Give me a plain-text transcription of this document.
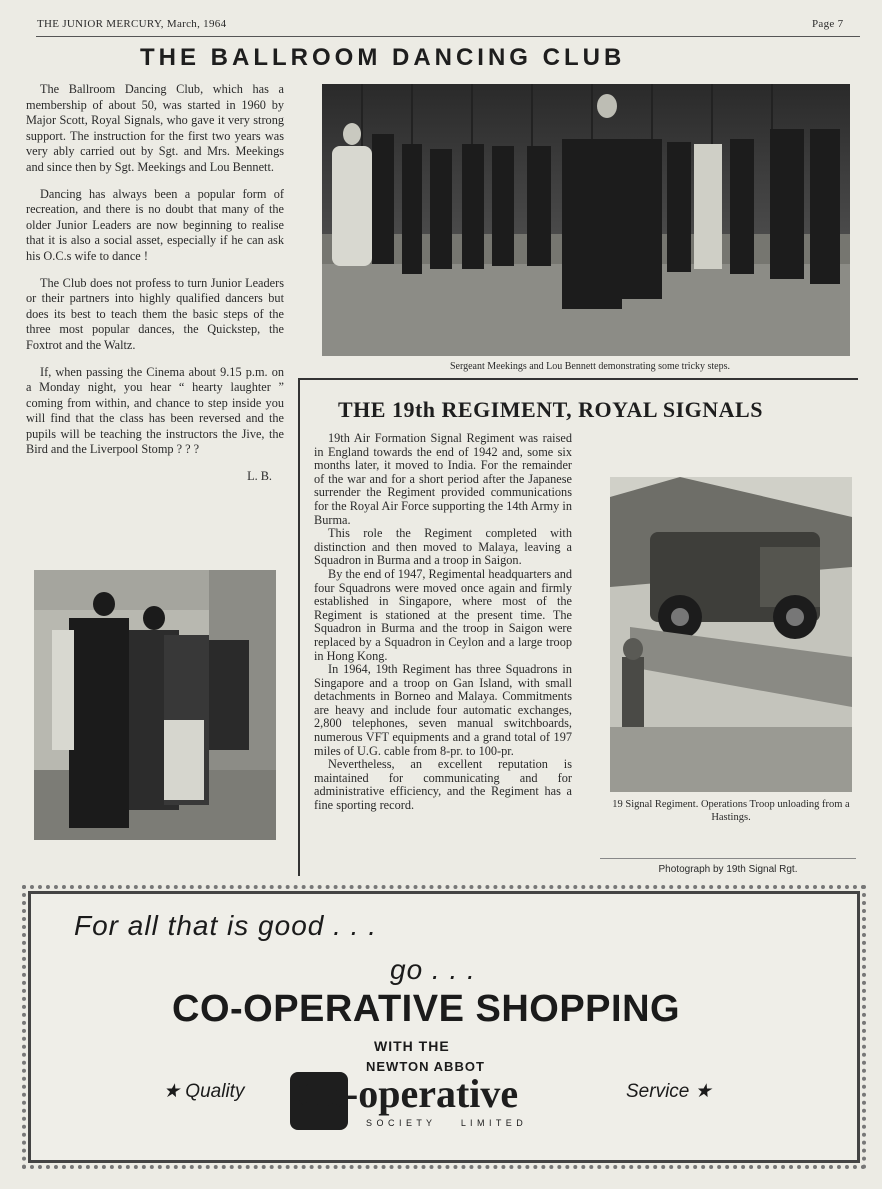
THE JUNIOR MERCURY, March, 1964	Page 7
THE BALLROOM DANCING CLUB

The Ballroom Dancing Club, which has a membership of about 50, was started in 1960 by Major Scott, Royal Signals, who gave it very strong support. The instruction for the first two years was very ably carried out by Sgt. and Mrs. Meekings and since then by Sgt. Meekings and Lou Bennett.

Dancing has always been a popular form of recreation, and there is no doubt that many of the older Junior Leaders are now beginning to realise that it is also a social asset, especially if he can ask his O.C.s wife to dance !

The Club does not profess to turn Junior Leaders or their partners into highly qualified dancers but does its best to teach them the basic steps of the three most popular dances, the Quickstep, the Foxtrot and the Waltz.

If, when passing the Cinema about 9.15 p.m. on a Monday night, you hear “ hearty laughter ” coming from within, and chance to step inside you will find that the class has been reversed and the pupils will be teaching the instructors the Jive, the Bird and the Liverpool Stomp ? ? ?

L. B.
Sergeant Meekings and Lou Bennett demonstrating some tricky steps.
THE 19th REGIMENT, ROYAL SIGNALS

19th Air Formation Signal Regiment was raised in England towards the end of 1942 and, some six months later, it moved to India. For the remainder of the war and for a short period after the Japanese surrender the Regiment provided communications for the Royal Air Force supporting the 14th Army in Burma.

This role the Regiment completed with distinction and then moved to Malaya, leaving a Squadron in Burma and a troop in Saigon.

By the end of 1947, Regimental headquarters and four Squadrons were moved once again and firmly established in Singapore, where most of the Regiment is stationed at the present time. The Squadron in Burma and the troop in Saigon were replaced by a Squadron in Ceylon and a large troop in Hong Kong.

In 1964, 19th Regiment has three Squadrons in Singapore and a troop on Gan Island, with small detachments in Borneo and Malaya. Commitments are heavy and include four automatic exchanges, 2,800 telephones, seven manual switchboards, numerous VFT equipments and a grand total of 197 miles of U.G. cable from 8-pr. to 100-pr.

Nevertheless, an excellent reputation is maintained for communicating and for administrative efficiency, and the Regiment has a fine sporting record.	19 Signal Regiment. Operations Troop unloading from a Hastings.
Photograph by 19th Signal Rgt.
For all that is good . . .
go . . .
CO-OPERATIVE SHOPPING
WITH THE
NEWTON ABBOT
★ Quality	Service ★
Co-operative
S O C I E T Y        L I M I T E D
